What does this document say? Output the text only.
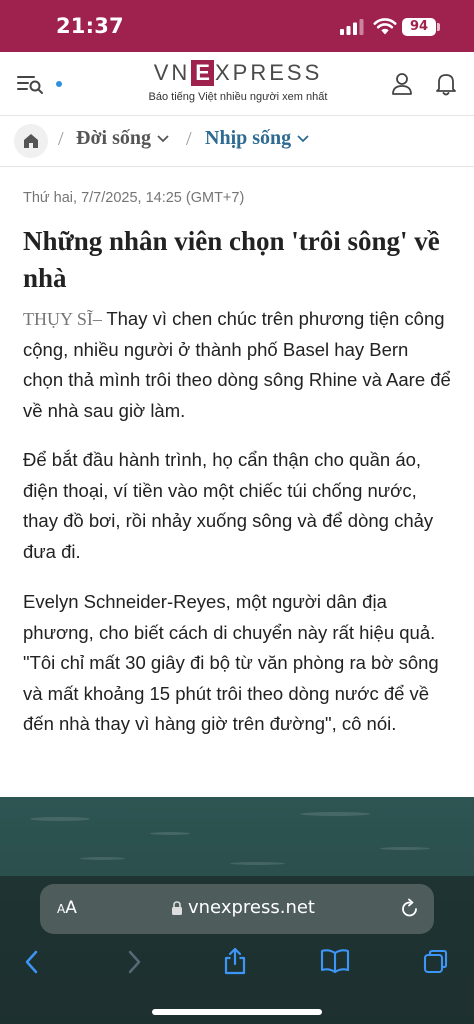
21:37	94
VN E XPRESS
Báo tiếng Việt nhiều người xem nhất
/ Đời sống / Nhịp sống
Thứ hai, 7/7/2025, 14:25 (GMT+7)
Những nhân viên chọn 'trôi sông' về nhà

THỤY SĨ– Thay vì chen chúc trên phương tiện công cộng, nhiều người ở thành phố Basel hay Bern chọn thả mình trôi theo dòng sông Rhine và Aare để về nhà sau giờ làm.

Để bắt đầu hành trình, họ cẩn thận cho quần áo, điện thoại, ví tiền vào một chiếc túi chống nước, thay đồ bơi, rồi nhảy xuống sông và để dòng chảy đưa đi.

Evelyn Schneider-Reyes, một người dân địa phương, cho biết cách di chuyển này rất hiệu quả. "Tôi chỉ mất 30 giây đi bộ từ văn phòng ra bờ sông và mất khoảng 15 phút trôi theo dòng nước để về đến nhà thay vì hàng giờ trên đường", cô nói.

AA	vnexpress.net
